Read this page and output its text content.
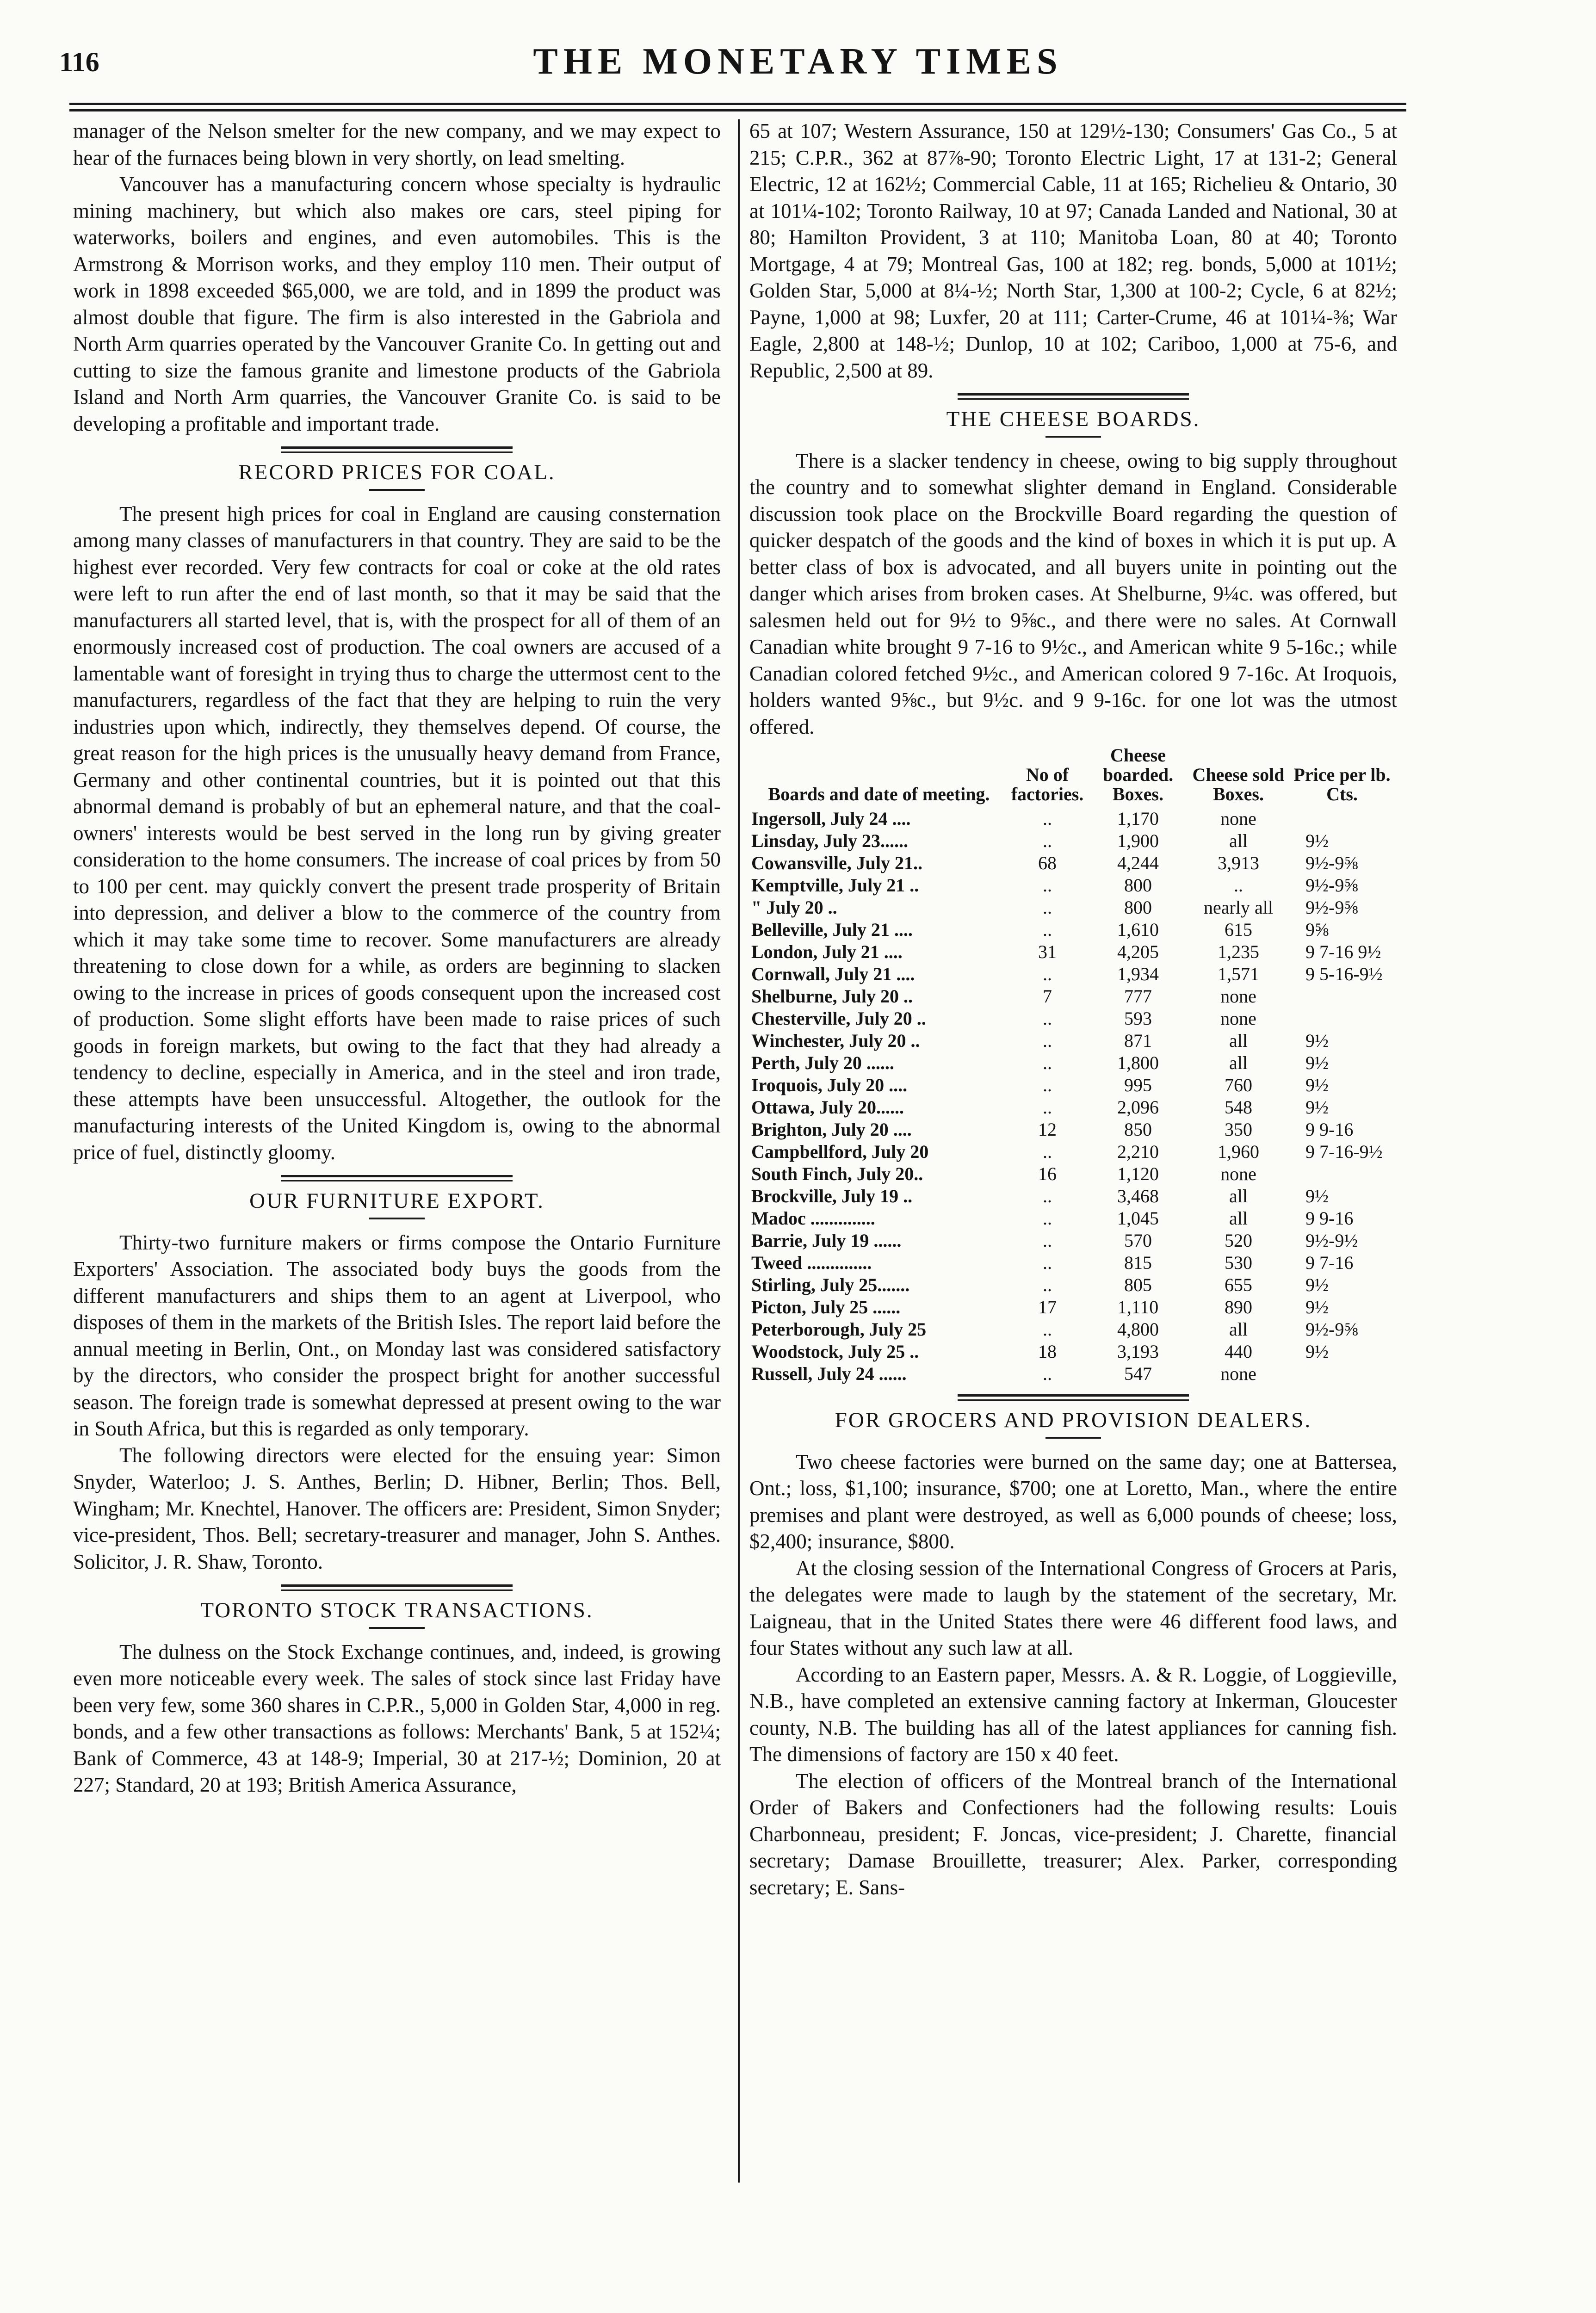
116	THE MONETARY TIMES

manager of the Nelson smelter for the new company, and we may expect to hear of the furnaces being blown in very shortly, on lead smelting.

Vancouver has a manufacturing concern whose specialty is hydraulic mining machinery, but which also makes ore cars, steel piping for waterworks, boilers and engines, and even automobiles. This is the Armstrong & Morrison works, and they employ 110 men. Their output of work in 1898 exceeded $65,000, we are told, and in 1899 the product was almost double that figure. The firm is also interested in the Gabriola and North Arm quarries operated by the Vancouver Granite Co. In getting out and cutting to size the famous granite and limestone products of the Gabriola Island and North Arm quarries, the Vancouver Granite Co. is said to be developing a profitable and important trade.

RECORD PRICES FOR COAL.

The present high prices for coal in England are causing consternation among many classes of manufacturers in that country. They are said to be the highest ever recorded. Very few contracts for coal or coke at the old rates were left to run after the end of last month, so that it may be said that the manufacturers all started level, that is, with the prospect for all of them of an enormously increased cost of production. The coal owners are accused of a lamentable want of foresight in trying thus to charge the uttermost cent to the manufacturers, regardless of the fact that they are helping to ruin the very industries upon which, indirectly, they themselves depend. Of course, the great reason for the high prices is the unusually heavy demand from France, Germany and other continental countries, but it is pointed out that this abnormal demand is probably of but an ephemeral nature, and that the coal-owners' interests would be best served in the long run by giving greater consideration to the home consumers. The increase of coal prices by from 50 to 100 per cent. may quickly convert the present trade prosperity of Britain into depression, and deliver a blow to the commerce of the country from which it may take some time to recover. Some manufacturers are already threatening to close down for a while, as orders are beginning to slacken owing to the increase in prices of goods consequent upon the increased cost of production. Some slight efforts have been made to raise prices of such goods in foreign markets, but owing to the fact that they had already a tendency to decline, especially in America, and in the steel and iron trade, these attempts have been unsuccessful. Altogether, the outlook for the manufacturing interests of the United Kingdom is, owing to the abnormal price of fuel, distinctly gloomy.

OUR FURNITURE EXPORT.

Thirty-two furniture makers or firms compose the Ontario Furniture Exporters' Association. The associated body buys the goods from the different manufacturers and ships them to an agent at Liverpool, who disposes of them in the markets of the British Isles. The report laid before the annual meeting in Berlin, Ont., on Monday last was considered satisfactory by the directors, who consider the prospect bright for another successful season. The foreign trade is somewhat depressed at present owing to the war in South Africa, but this is regarded as only temporary.

The following directors were elected for the ensuing year: Simon Snyder, Waterloo; J. S. Anthes, Berlin; D. Hibner, Berlin; Thos. Bell, Wingham; Mr. Knechtel, Hanover. The officers are: President, Simon Snyder; vice-president, Thos. Bell; secretary-treasurer and manager, John S. Anthes. Solicitor, J. R. Shaw, Toronto.

TORONTO STOCK TRANSACTIONS.

The dulness on the Stock Exchange continues, and, indeed, is growing even more noticeable every week. The sales of stock since last Friday have been very few, some 360 shares in C.P.R., 5,000 in Golden Star, 4,000 in reg. bonds, and a few other transactions as follows: Merchants' Bank, 5 at 152¼; Bank of Commerce, 43 at 148-9; Imperial, 30 at 217-½; Dominion, 20 at 227; Standard, 20 at 193; British America Assurance,

65 at 107; Western Assurance, 150 at 129½-130; Consumers' Gas Co., 5 at 215; C.P.R., 362 at 87⅞-90; Toronto Electric Light, 17 at 131-2; General Electric, 12 at 162½; Commercial Cable, 11 at 165; Richelieu & Ontario, 30 at 101¼-102; Toronto Railway, 10 at 97; Canada Landed and National, 30 at 80; Hamilton Provident, 3 at 110; Manitoba Loan, 80 at 40; Toronto Mortgage, 4 at 79; Montreal Gas, 100 at 182; reg. bonds, 5,000 at 101½; Golden Star, 5,000 at 8¼-½; North Star, 1,300 at 100-2; Cycle, 6 at 82½; Payne, 1,000 at 98; Luxfer, 20 at 111; Carter-Crume, 46 at 101¼-⅜; War Eagle, 2,800 at 148-½; Dunlop, 10 at 102; Cariboo, 1,000 at 75-6, and Republic, 2,500 at 89.

THE CHEESE BOARDS.

There is a slacker tendency in cheese, owing to big supply throughout the country and to somewhat slighter demand in England. Considerable discussion took place on the Brockville Board regarding the question of quicker despatch of the goods and the kind of boxes in which it is put up. A better class of box is advocated, and all buyers unite in pointing out the danger which arises from broken cases. At Shelburne, 9¼c. was offered, but salesmen held out for 9½ to 9⅝c., and there were no sales. At Cornwall Canadian white brought 9 7-16 to 9½c., and American white 9 5-16c.; while Canadian colored fetched 9½c., and American colored 9 7-16c. At Iroquois, holders wanted 9⅝c., but 9½c. and 9 9-16c. for one lot was the utmost offered.

Boards and date of meeting.	No of factories.	Cheese boarded. Boxes.	Cheese sold Boxes.	Price per lb. Cts.
Ingersoll, July 24 ....	..	1,170	none	
Linsday, July 23......	..	1,900	all	9½
Cowansville, July 21..	68	4,244	3,913	9½-9⅝
Kemptville, July 21 ..	..	800	..	9½-9⅝
" July 20 ..	..	800	nearly all	9½-9⅝
Belleville, July 21 ....	..	1,610	615	9⅝
London, July 21 ....	31	4,205	1,235	9 7-16 9½
Cornwall, July 21 ....	..	1,934	1,571	9 5-16-9½
Shelburne, July 20 ..	7	777	none	
Chesterville, July 20 ..	..	593	none	
Winchester, July 20 ..	..	871	all	9½
Perth, July 20 ......	..	1,800	all	9½
Iroquois, July 20 ....	..	995	760	9½
Ottawa, July 20......	..	2,096	548	9½
Brighton, July 20 ....	12	850	350	9 9-16
Campbellford, July 20	..	2,210	1,960	9 7-16-9½
South Finch, July 20..	16	1,120	none	
Brockville, July 19 ..	..	3,468	all	9½
Madoc ..............	..	1,045	all	9 9-16
Barrie, July 19 ......	..	570	520	9½-9½
Tweed ..............	..	815	530	9 7-16
Stirling, July 25.......	..	805	655	9½
Picton, July 25 ......	17	1,110	890	9½
Peterborough, July 25	..	4,800	all	9½-9⅝
Woodstock, July 25 ..	18	3,193	440	9½
Russell, July 24 ......	..	547	none	
FOR GROCERS AND PROVISION DEALERS.

Two cheese factories were burned on the same day; one at Battersea, Ont.; loss, $1,100; insurance, $700; one at Loretto, Man., where the entire premises and plant were destroyed, as well as 6,000 pounds of cheese; loss, $2,400; insurance, $800.

At the closing session of the International Congress of Grocers at Paris, the delegates were made to laugh by the statement of the secretary, Mr. Laigneau, that in the United States there were 46 different food laws, and four States without any such law at all.

According to an Eastern paper, Messrs. A. & R. Loggie, of Loggieville, N.B., have completed an extensive canning factory at Inkerman, Gloucester county, N.B. The building has all of the latest appliances for canning fish. The dimensions of factory are 150 x 40 feet.

The election of officers of the Montreal branch of the International Order of Bakers and Confectioners had the following results: Louis Charbonneau, president; F. Joncas, vice-president; J. Charette, financial secretary; Damase Brouillette, treasurer; Alex. Parker, corresponding secretary; E. Sans-
